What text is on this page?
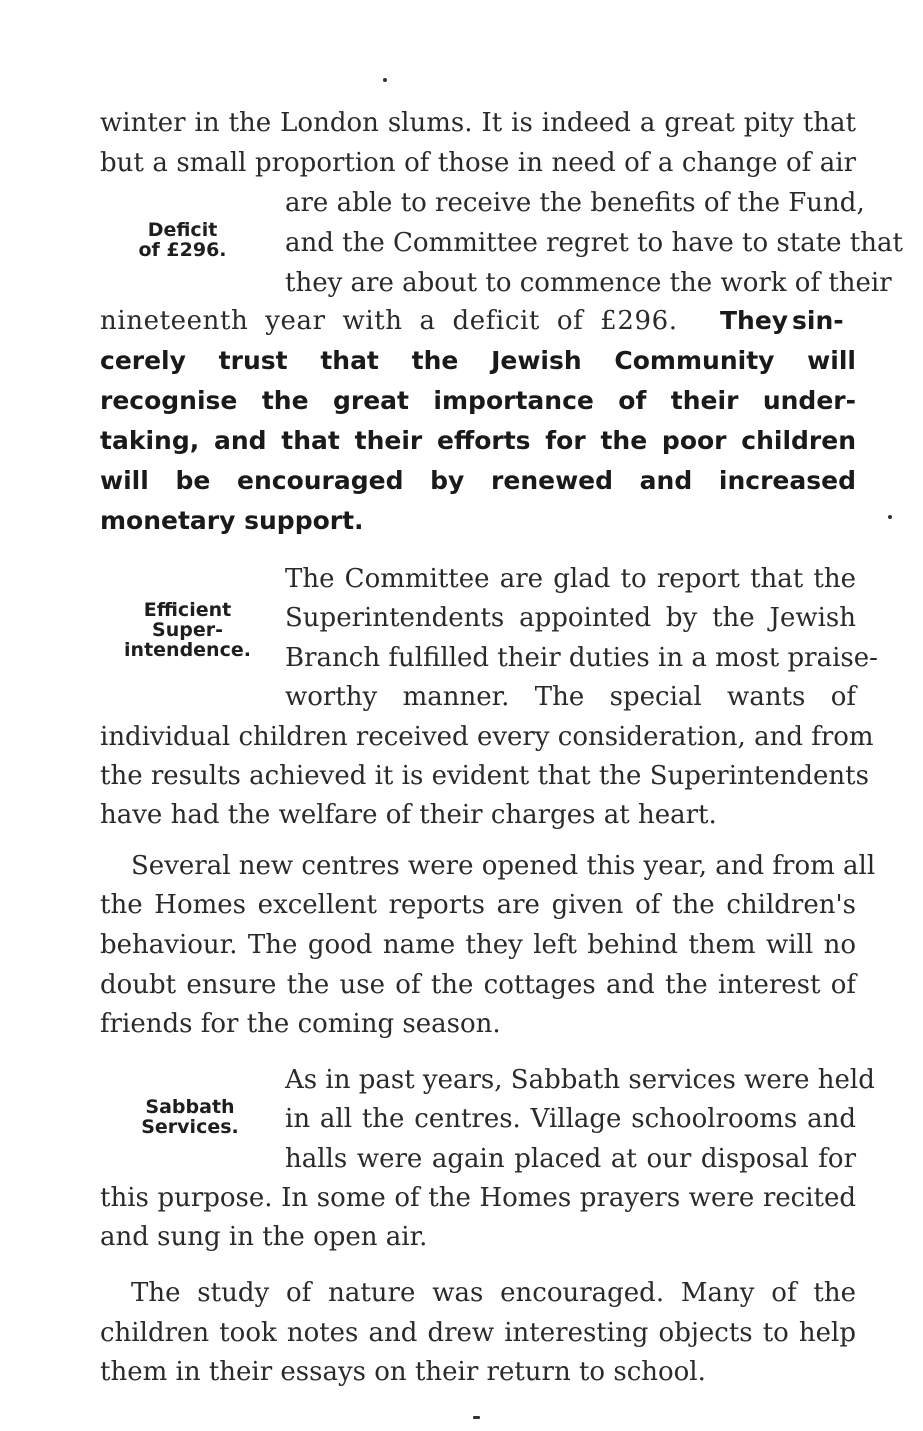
Deficit
of £296.
Efficient
Super-
intendence.
Sabbath
Services.
winter in the London slums. It is indeed a great pity that
but a small proportion of those in need of a change of air
are able to receive the benefits of the Fund,
and the Committee regret to have to state that
they are about to commence the work of their
nineteenth year with a deficit of £296. They sin-
cerely trust that the Jewish Community will
recognise the great importance of their under-
taking, and that their efforts for the poor children
will be encouraged by renewed and increased
monetary support.
The Committee are glad to report that the
Superintendents appointed by the Jewish
Branch fulfilled their duties in a most praise-
worthy manner. The special wants of
individual children received every consideration, and from
the results achieved it is evident that the Superintendents
have had the welfare of their charges at heart.
Several new centres were opened this year, and from all
the Homes excellent reports are given of the children's
behaviour. The good name they left behind them will no
doubt ensure the use of the cottages and the interest of
friends for the coming season.
As in past years, Sabbath services were held
in all the centres. Village schoolrooms and
halls were again placed at our disposal for
this purpose. In some of the Homes prayers were recited
and sung in the open air.
The study of nature was encouraged. Many of the
children took notes and drew interesting objects to help
them in their essays on their return to school.
